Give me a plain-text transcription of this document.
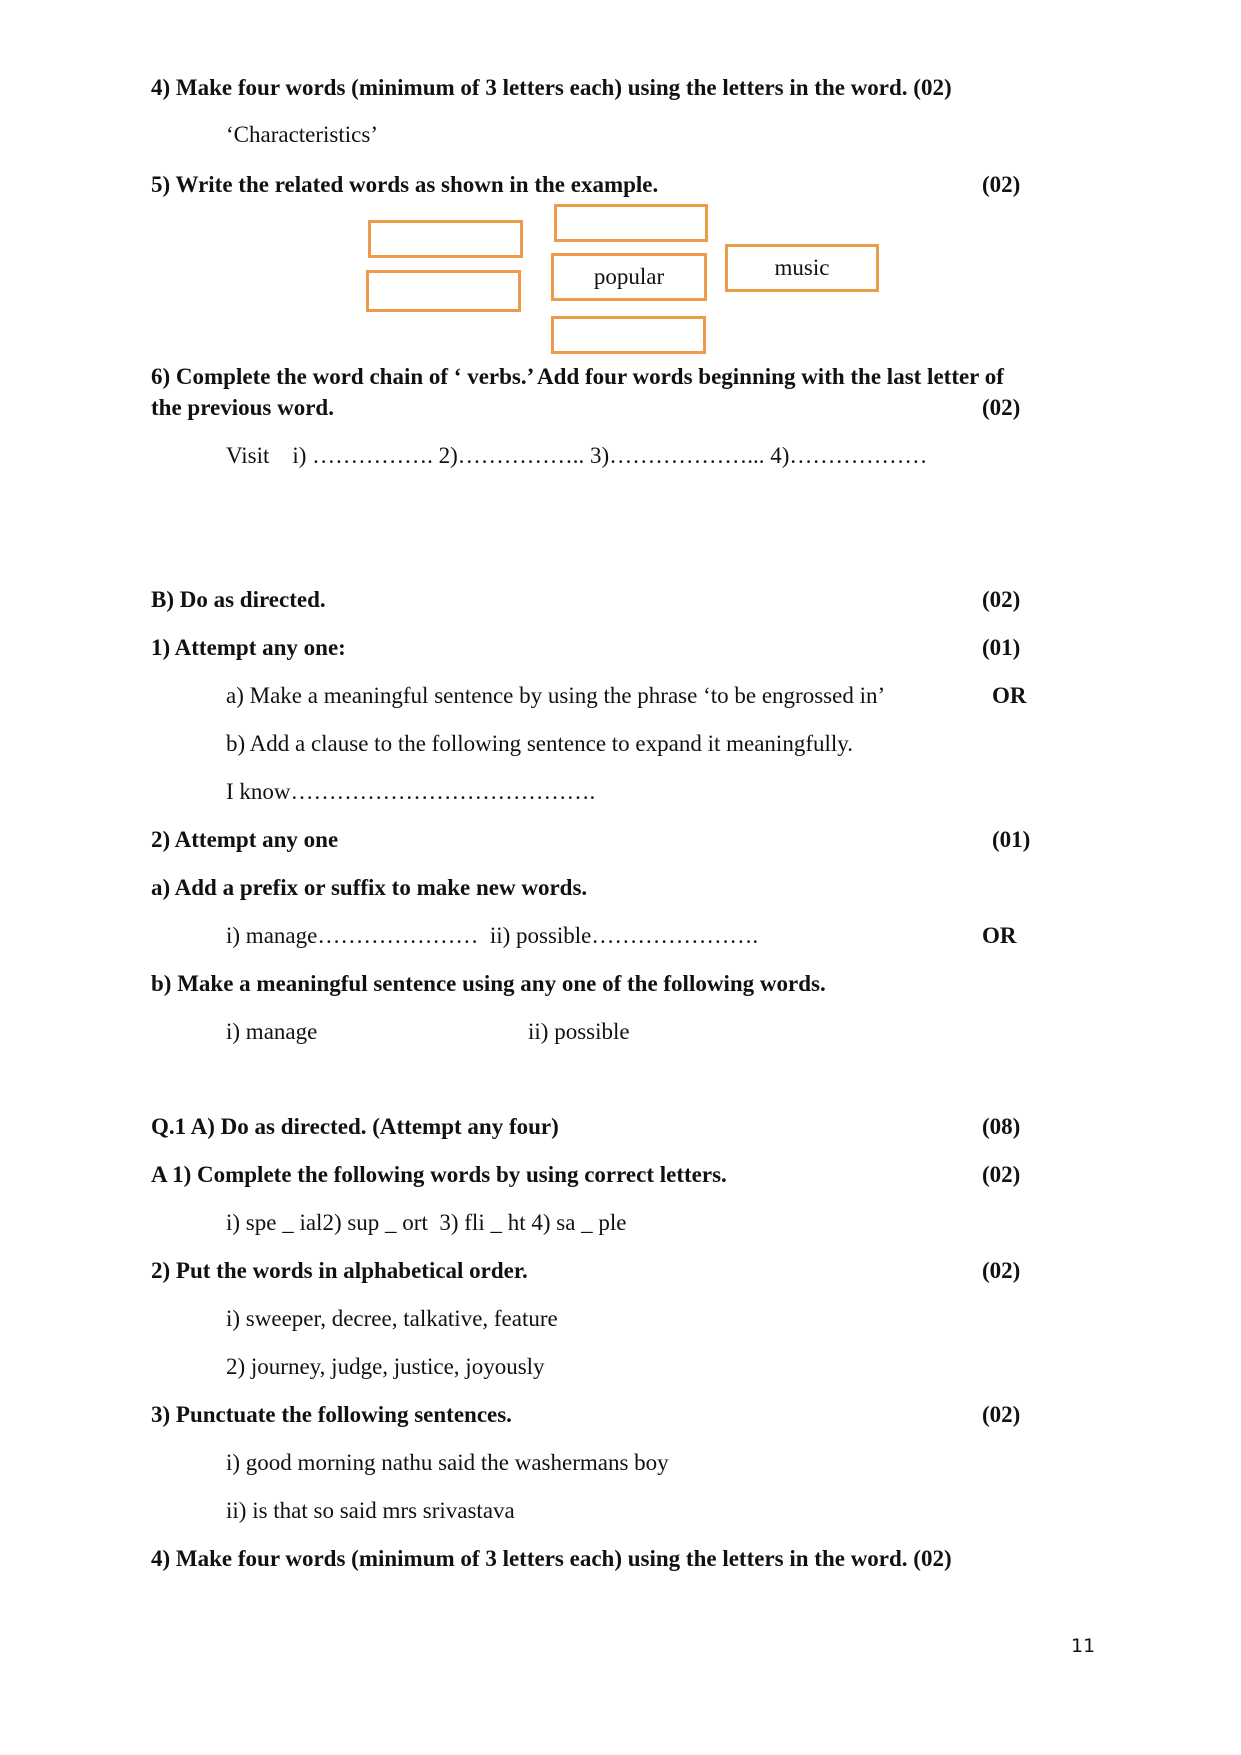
4) Make four words (minimum of 3 letters each) using the letters in the word. (02)
‘Characteristics’
5) Write the related words as shown in the example.	(02)
popular	music
6) Complete the word chain of ‘ verbs.’ Add four words beginning with the last letter of
the previous word.	(02)
Visit    i) ……………. 2)…………….. 3)………………... 4)………………
B) Do as directed.	(02)
1) Attempt any one:	(01)
a) Make a meaningful sentence by using the phrase ‘to be engrossed in’	OR
b) Add a clause to the following sentence to expand it meaningfully.
I know………………………………….
2) Attempt any one	(01)
a) Add a prefix or suffix to make new words.
i) manage…………………  ii) possible………………….	OR
b) Make a meaningful sentence using any one of the following words.
i) manage	ii) possible
Q.1 A) Do as directed. (Attempt any four)	(08)
A 1) Complete the following words by using correct letters.	(02)
i) spe _ ial2) sup _ ort  3) fli _ ht 4) sa _ ple
2) Put the words in alphabetical order.	(02)
i) sweeper, decree, talkative, feature
2) journey, judge, justice, joyously
3) Punctuate the following sentences.	(02)
i) good morning nathu said the washermans boy
ii) is that so said mrs srivastava
4) Make four words (minimum of 3 letters each) using the letters in the word. (02)
11
